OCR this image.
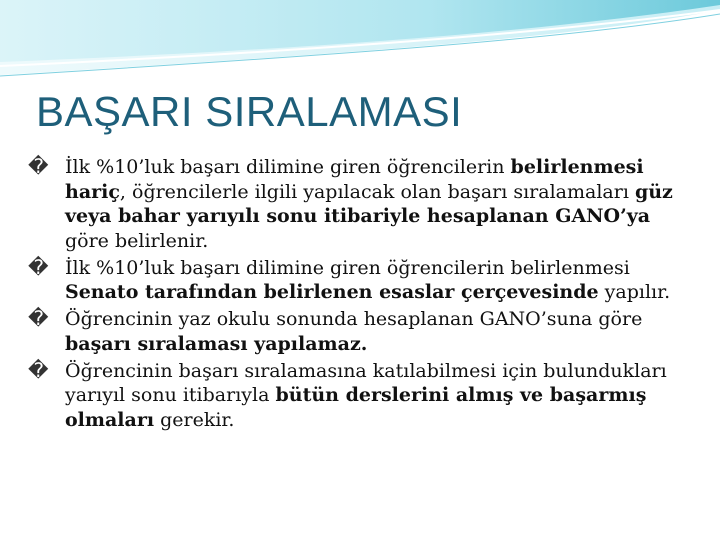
BAŞARI SIRALAMASI
� İlk %10’luk başarı dilimine giren öğrencilerin belirlenmesi hariç, öğrencilerle ilgili yapılacak olan başarı sıralamaları güz veya bahar yarıyılı sonu itibariyle hesaplanan GANO’ya göre belirlenir.
� İlk %10’luk başarı dilimine giren öğrencilerin belirlenmesi Senato tarafından belirlenen esaslar çerçevesinde yapılır.
� Öğrencinin yaz okulu sonunda hesaplanan GANO’suna göre başarı sıralaması yapılamaz.
� Öğrencinin başarı sıralamasına katılabilmesi için bulundukları yarıyıl sonu itibarıyla bütün derslerini almış ve başarmış olmaları gerekir.
